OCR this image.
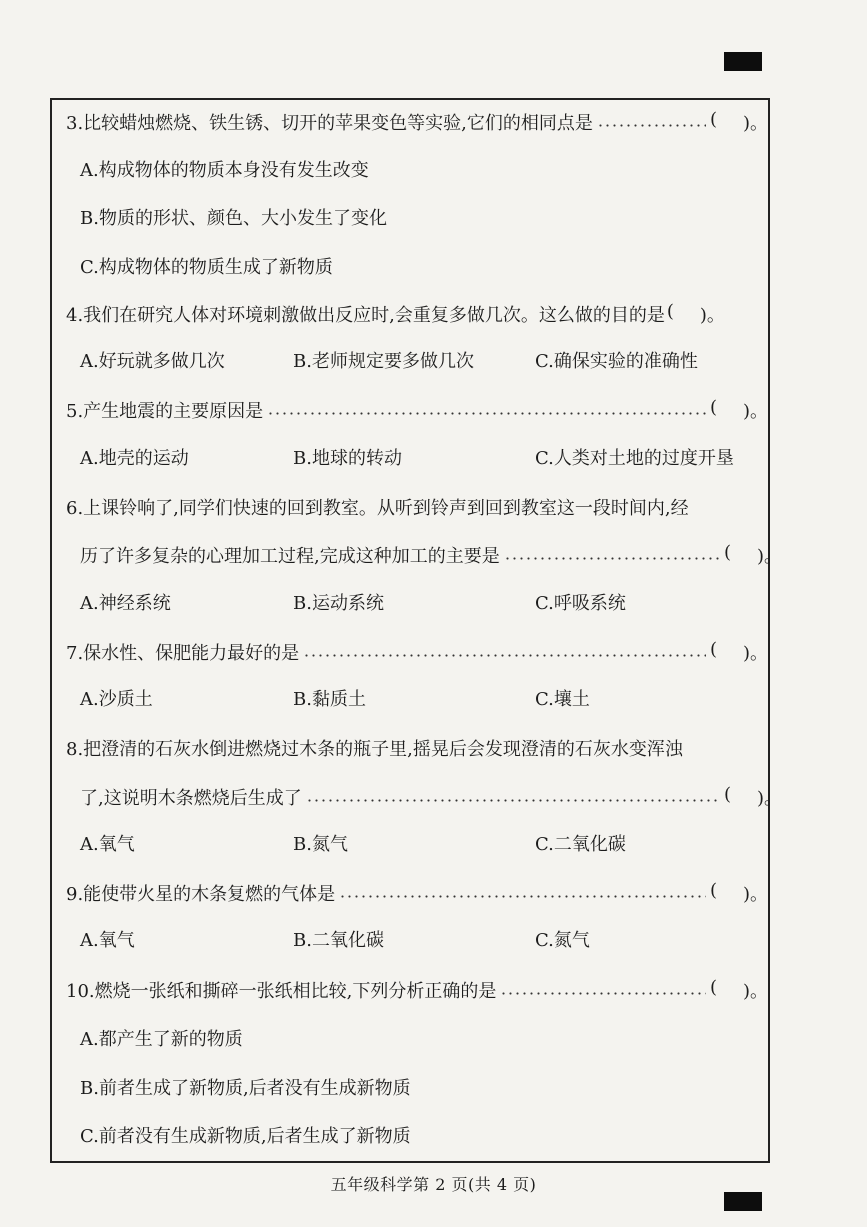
3.比较蜡烛燃烧、铁生锈、切开的苹果变色等实验,它们的相同点是	( )。
A.构成物体的物质本身没有发生改变
B.物质的形状、颜色、大小发生了变化
C.构成物体的物质生成了新物质
4.我们在研究人体对环境刺激做出反应时,会重复多做几次。这么做的目的是 ( )。
A.好玩就多做几次	B.老师规定要多做几次	C.确保实验的准确性
5.产生地震的主要原因是	( )。
A.地壳的运动	B.地球的转动	C.人类对土地的过度开垦
6.上课铃响了,同学们快速的回到教室。从听到铃声到回到教室这一段时间内,经
历了许多复杂的心理加工过程,完成这种加工的主要是	( )。
A.神经系统	B.运动系统	C.呼吸系统
7.保水性、保肥能力最好的是	( )。
A.沙质土	B.黏质土	C.壤土
8.把澄清的石灰水倒进燃烧过木条的瓶子里,摇晃后会发现澄清的石灰水变浑浊
了,这说明木条燃烧后生成了	( )。
A.氧气	B.氮气	C.二氧化碳
9.能使带火星的木条复燃的气体是	( )。
A.氧气	B.二氧化碳	C.氮气
10.燃烧一张纸和撕碎一张纸相比较,下列分析正确的是	( )。
A.都产生了新的物质
B.前者生成了新物质,后者没有生成新物质
C.前者没有生成新物质,后者生成了新物质
五年级科学第 2 页(共 4 页)
